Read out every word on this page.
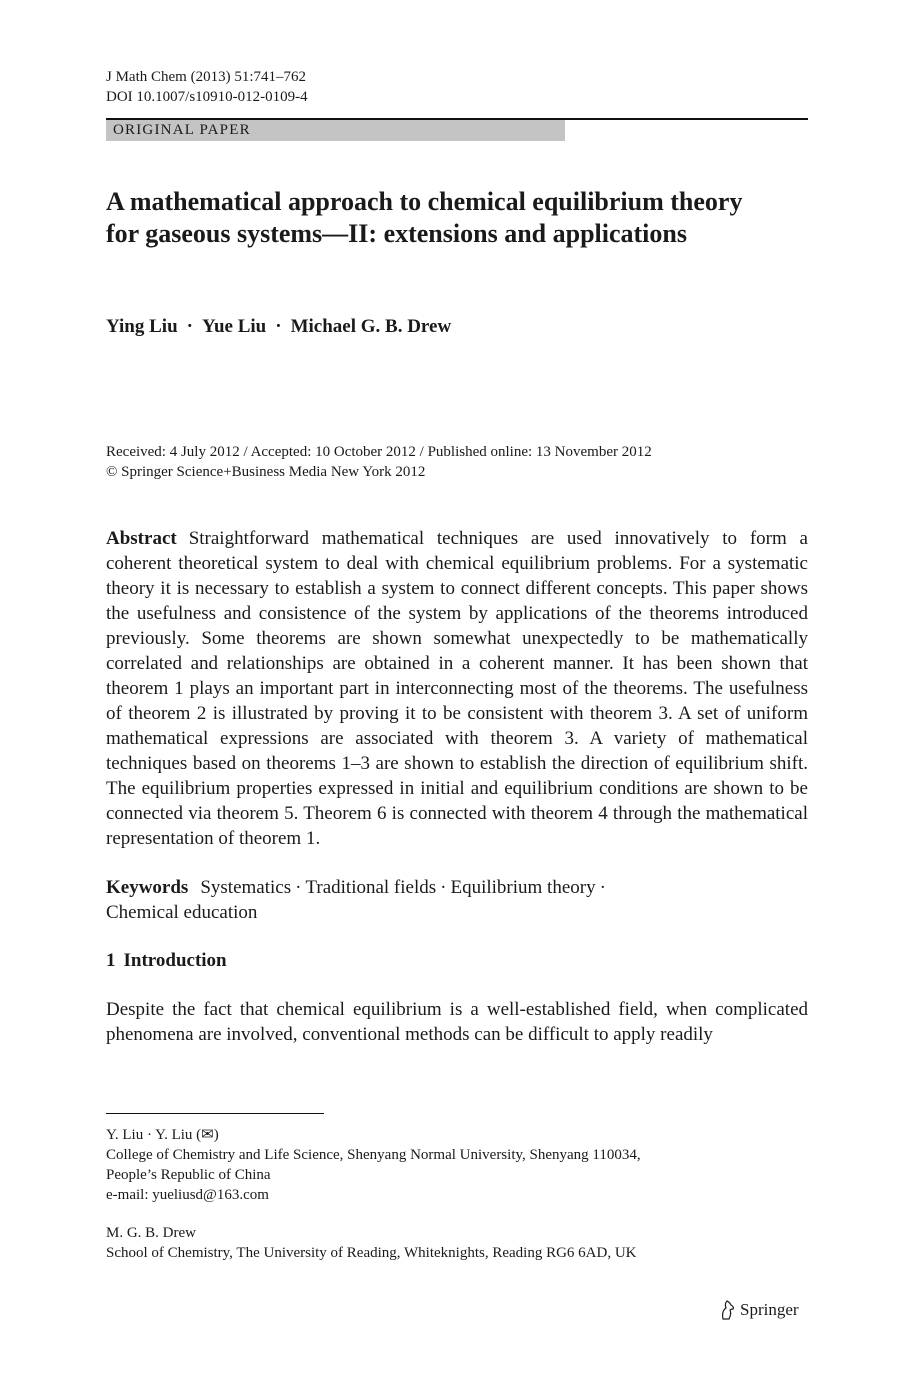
J Math Chem (2013) 51:741–762
DOI 10.1007/s10910-012-0109-4
ORIGINAL PAPER
A mathematical approach to chemical equilibrium theory for gaseous systems—II: extensions and applications
Ying Liu · Yue Liu · Michael G. B. Drew
Received: 4 July 2012 / Accepted: 10 October 2012 / Published online: 13 November 2012
© Springer Science+Business Media New York 2012

Abstract Straightforward mathematical techniques are used innovatively to form a coherent theoretical system to deal with chemical equilibrium problems. For a systematic theory it is necessary to establish a system to connect different concepts. This paper shows the usefulness and consistence of the system by applications of the theorems introduced previously. Some theorems are shown somewhat unexpectedly to be mathematically correlated and relationships are obtained in a coherent manner. It has been shown that theorem 1 plays an important part in interconnecting most of the theorems. The usefulness of theorem 2 is illustrated by proving it to be consistent with theorem 3. A set of uniform mathematical expressions are associated with theorem 3. A variety of mathematical techniques based on theorems 1–3 are shown to establish the direction of equilibrium shift. The equilibrium properties expressed in initial and equilibrium conditions are shown to be connected via theorem 5. Theorem 6 is connected with theorem 4 through the mathematical representation of theorem 1.

Keywords Systematics · Traditional fields · Equilibrium theory ·
Chemical education
1 Introduction

Despite the fact that chemical equilibrium is a well-established field, when complicated phenomena are involved, conventional methods can be difficult to apply readily

Y. Liu · Y. Liu (✉)
College of Chemistry and Life Science, Shenyang Normal University, Shenyang 110034,
People’s Republic of China
e-mail: yueliusd@163.com
M. G. B. Drew
School of Chemistry, The University of Reading, Whiteknights, Reading RG6 6AD, UK
Springer
